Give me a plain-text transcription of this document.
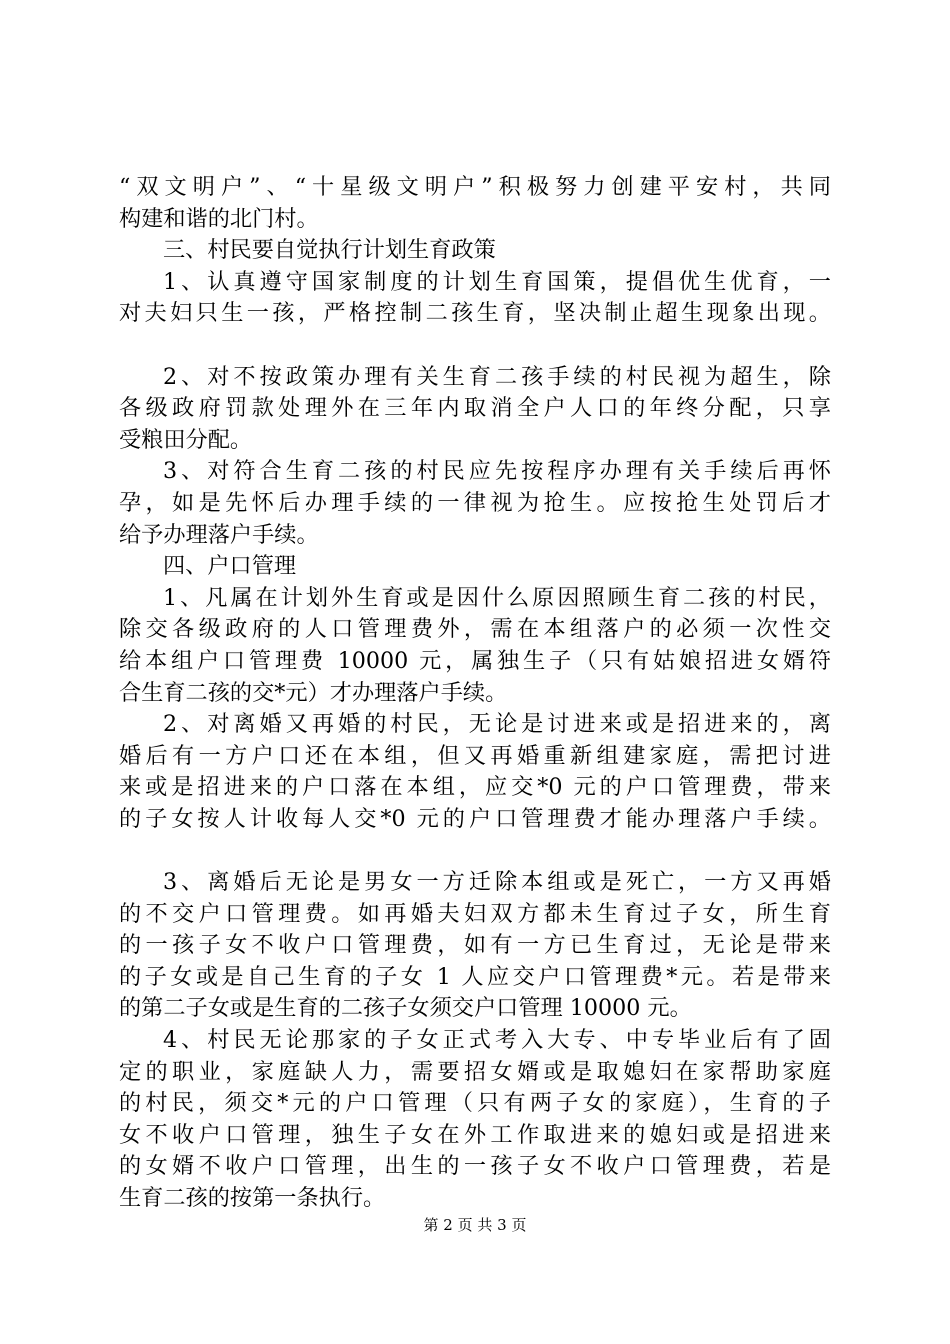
“双文明户”、“十星级文明户”积极努力创建平安村，共同
构建和谐的北门村。
三、村民要自觉执行计划生育政策
1、认真遵守国家制度的计划生育国策，提倡优生优育，一
对夫妇只生一孩，严格控制二孩生育，坚决制止超生现象出现。
2、对不按政策办理有关生育二孩手续的村民视为超生，除
各级政府罚款处理外在三年内取消全户人口的年终分配，只享
受粮田分配。
3、对符合生育二孩的村民应先按程序办理有关手续后再怀
孕，如是先怀后办理手续的一律视为抢生。应按抢生处罚后才
给予办理落户手续。
四、户口管理
1、凡属在计划外生育或是因什么原因照顾生育二孩的村民，
除交各级政府的人口管理费外，需在本组落户的必须一次性交
给本组户口管理费 10000 元，属独生子（只有姑娘招进女婿符
合生育二孩的交*元）才办理落户手续。
2、对离婚又再婚的村民，无论是讨进来或是招进来的，离
婚后有一方户口还在本组，但又再婚重新组建家庭，需把讨进
来或是招进来的户口落在本组，应交*0 元的户口管理费，带来
的子女按人计收每人交*0 元的户口管理费才能办理落户手续。
3、离婚后无论是男女一方迁除本组或是死亡，一方又再婚
的不交户口管理费。如再婚夫妇双方都未生育过子女，所生育
的一孩子女不收户口管理费，如有一方已生育过，无论是带来
的子女或是自己生育的子女 1 人应交户口管理费*元。若是带来
的第二子女或是生育的二孩子女须交户口管理 10000 元。
4、村民无论那家的子女正式考入大专、中专毕业后有了固
定的职业，家庭缺人力，需要招女婿或是取媳妇在家帮助家庭
的村民，须交*元的户口管理（只有两子女的家庭），生育的子
女不收户口管理，独生子女在外工作取进来的媳妇或是招进来
的女婿不收户口管理，出生的一孩子女不收户口管理费，若是
生育二孩的按第一条执行。
第 2 页 共 3 页
